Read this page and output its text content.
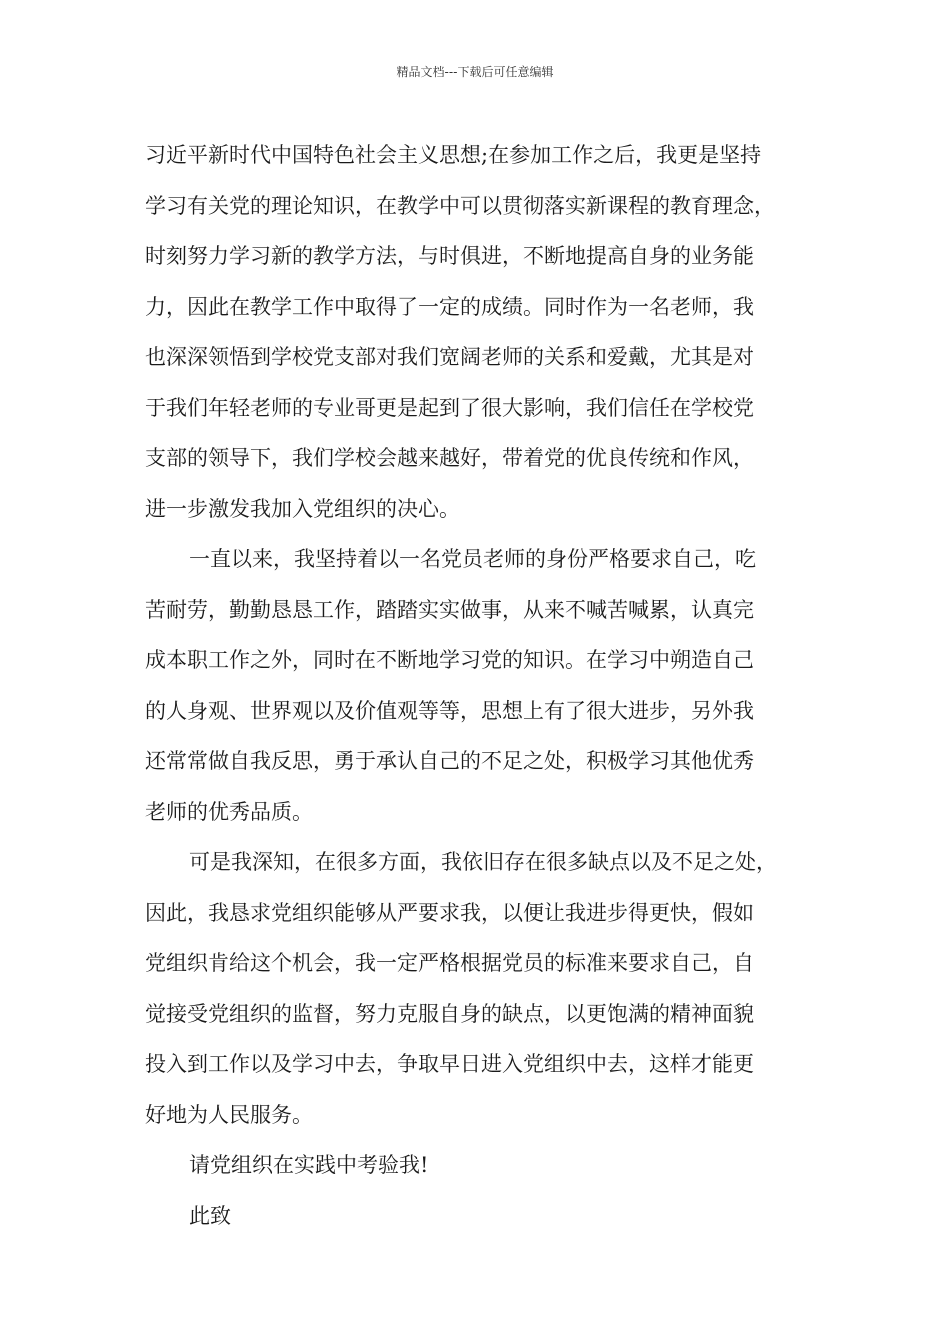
精品文档---下载后可任意编辑
习近平新时代中国特色社会主义思想;在参加工作之后，我更是坚持
学习有关党的理论知识，在教学中可以贯彻落实新课程的教育理念，
时刻努力学习新的教学方法，与时俱进，不断地提高自身的业务能
力，因此在教学工作中取得了一定的成绩。同时作为一名老师，我
也深深领悟到学校党支部对我们宽阔老师的关系和爱戴，尤其是对
于我们年轻老师的专业哥更是起到了很大影响，我们信任在学校党
支部的领导下，我们学校会越来越好，带着党的优良传统和作风，
进一步激发我加入党组织的决心。
一直以来，我坚持着以一名党员老师的身份严格要求自己，吃
苦耐劳，勤勤恳恳工作，踏踏实实做事，从来不喊苦喊累，认真完
成本职工作之外，同时在不断地学习党的知识。在学习中朔造自己
的人身观、世界观以及价值观等等，思想上有了很大进步，另外我
还常常做自我反思，勇于承认自己的不足之处，积极学习其他优秀
老师的优秀品质。
可是我深知，在很多方面，我依旧存在很多缺点以及不足之处，
因此，我恳求党组织能够从严要求我，以便让我进步得更快，假如
党组织肯给这个机会，我一定严格根据党员的标准来要求自己，自
觉接受党组织的监督，努力克服自身的缺点，以更饱满的精神面貌
投入到工作以及学习中去，争取早日进入党组织中去，这样才能更
好地为人民服务。
请党组织在实践中考验我!
此致
